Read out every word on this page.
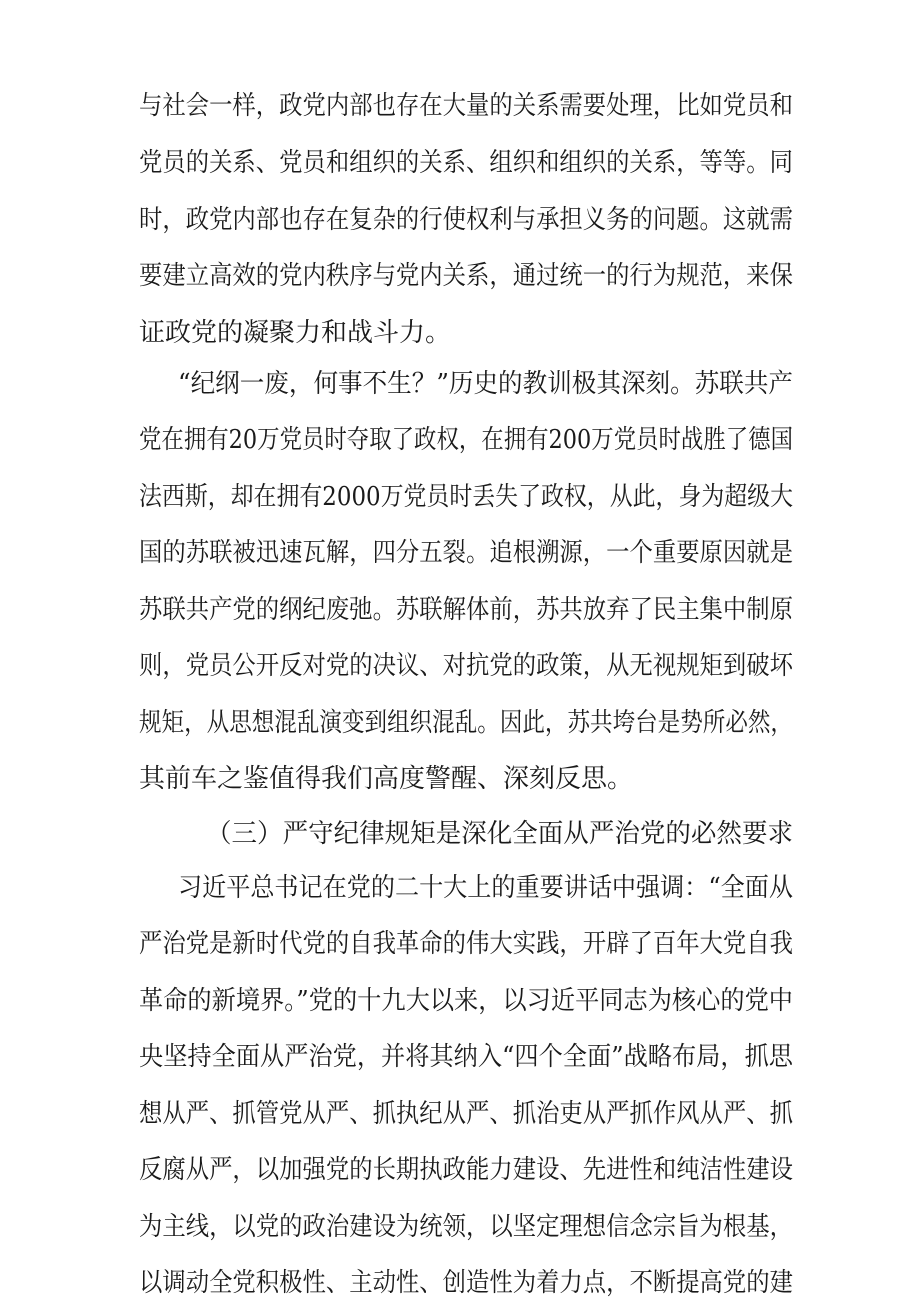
与社会一样，政党内部也存在大量的关系需要处理，比如党员和
党员的关系、党员和组织的关系、组织和组织的关系，等等。同
时，政党内部也存在复杂的行使权利与承担义务的问题。这就需
要建立高效的党内秩序与党内关系，通过统一的行为规范，来保
证政党的凝聚力和战斗力。
“纪纲一废，何事不生？”历史的教训极其深刻。苏联共产
党在拥有20万党员时夺取了政权，在拥有200万党员时战胜了德国
法西斯，却在拥有2000万党员时丢失了政权，从此，身为超级大
国的苏联被迅速瓦解，四分五裂。追根溯源，一个重要原因就是
苏联共产党的纲纪废弛。苏联解体前，苏共放弃了民主集中制原
则，党员公开反对党的决议、对抗党的政策，从无视规矩到破坏
规矩，从思想混乱演变到组织混乱。因此，苏共垮台是势所必然，
其前车之鉴值得我们高度警醒、深刻反思。
（三）严守纪律规矩是深化全面从严治党的必然要求
习近平总书记在党的二十大上的重要讲话中强调：“全面从
严治党是新时代党的自我革命的伟大实践，开辟了百年大党自我
革命的新境界。”党的十九大以来，以习近平同志为核心的党中
央坚持全面从严治党，并将其纳入“四个全面”战略布局，抓思
想从严、抓管党从严、抓执纪从严、抓治吏从严抓作风从严、抓
反腐从严，以加强党的长期执政能力建设、先进性和纯洁性建设
为主线，以党的政治建设为统领，以坚定理想信念宗旨为根基，
以调动全党积极性、主动性、创造性为着力点，不断提高党的建
